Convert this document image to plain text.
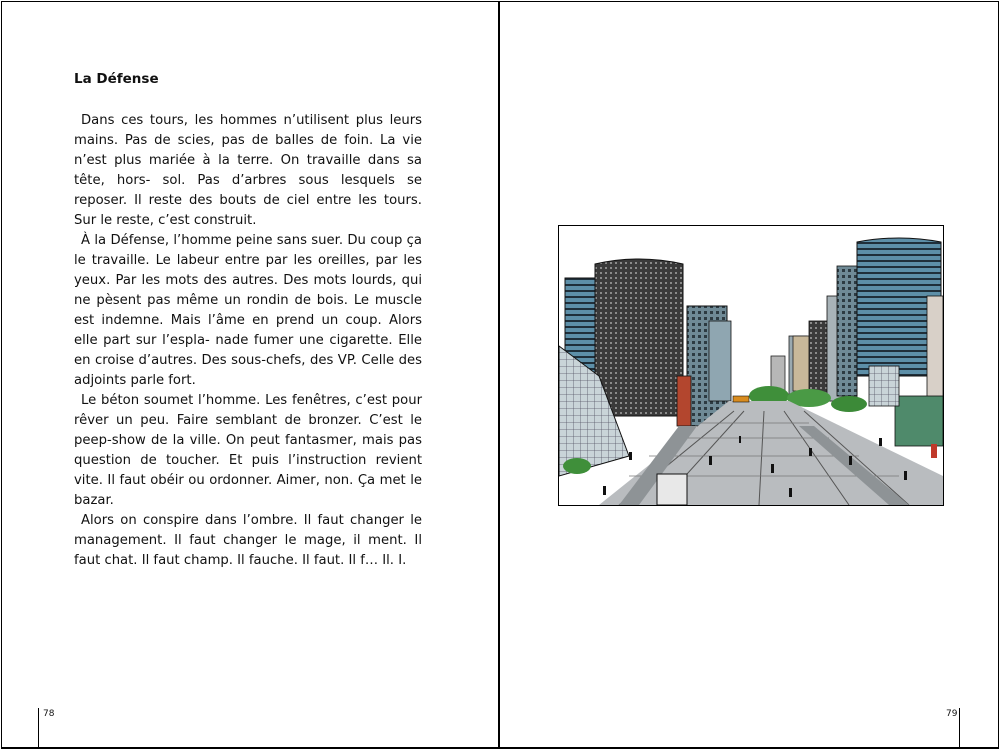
La Défense

Dans ces tours, les hommes n’utilisent plus leurs mains. Pas de scies, pas de balles de foin. La vie n’est plus mariée à la terre. On travaille dans sa tête, hors- sol. Pas d’arbres sous lesquels se reposer. Il reste des bouts de ciel entre les tours. Sur le reste, c’est construit.

À la Défense, l’homme peine sans suer. Du coup ça le travaille. Le labeur entre par les oreilles, par les yeux. Par les mots des autres. Des mots lourds, qui ne pèsent pas même un rondin de bois. Le muscle est indemne. Mais l’âme en prend un coup. Alors elle part sur l’espla- nade fumer une cigarette. Elle en croise d’autres. Des sous-chefs, des VP. Celle des adjoints parle fort.

Le béton soumet l’homme. Les fenêtres, c’est pour rêver un peu. Faire semblant de bronzer. C’est le peep-show de la ville. On peut fantasmer, mais pas question de toucher. Et puis l’instruction revient vite. Il faut obéir ou ordonner. Aimer, non. Ça met le bazar.

Alors on conspire dans l’ombre. Il faut changer le management. Il faut changer le mage, il ment. Il faut chat. Il faut champ. Il fauche. Il faut. Il f… Il. I.

78	79
